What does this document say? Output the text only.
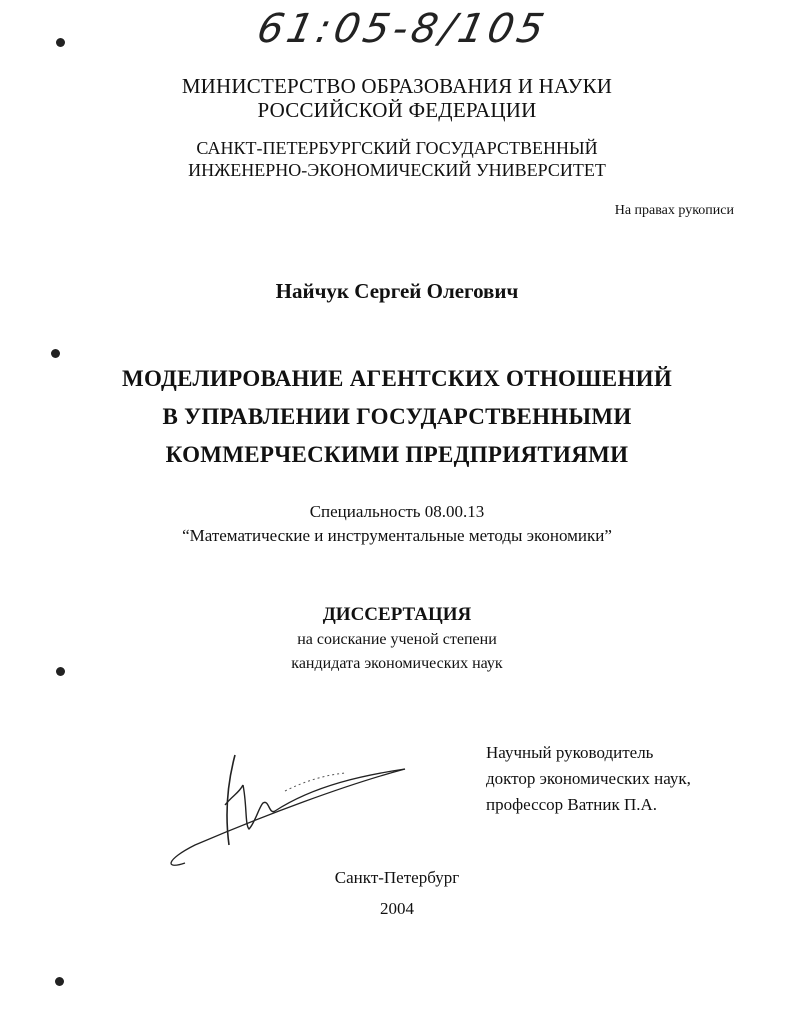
61:05-8/105
МИНИСТЕРСТВО ОБРАЗОВАНИЯ И НАУКИ
РОССИЙСКОЙ ФЕДЕРАЦИИ
САНКТ-ПЕТЕРБУРГСКИЙ ГОСУДАРСТВЕННЫЙ
ИНЖЕНЕРНО-ЭКОНОМИЧЕСКИЙ УНИВЕРСИТЕТ
На правах рукописи
Найчук Сергей Олегович
МОДЕЛИРОВАНИЕ АГЕНТСКИХ ОТНОШЕНИЙ
В УПРАВЛЕНИИ ГОСУДАРСТВЕННЫМИ
КОММЕРЧЕСКИМИ ПРЕДПРИЯТИЯМИ
Специальность 08.00.13
“Математические и инструментальные методы экономики”
ДИССЕРТАЦИЯ
на соискание ученой степени
кандидата экономических наук
Научный руководитель
доктор экономических наук,
профессор Ватник П.А.
Санкт-Петербург
2004
